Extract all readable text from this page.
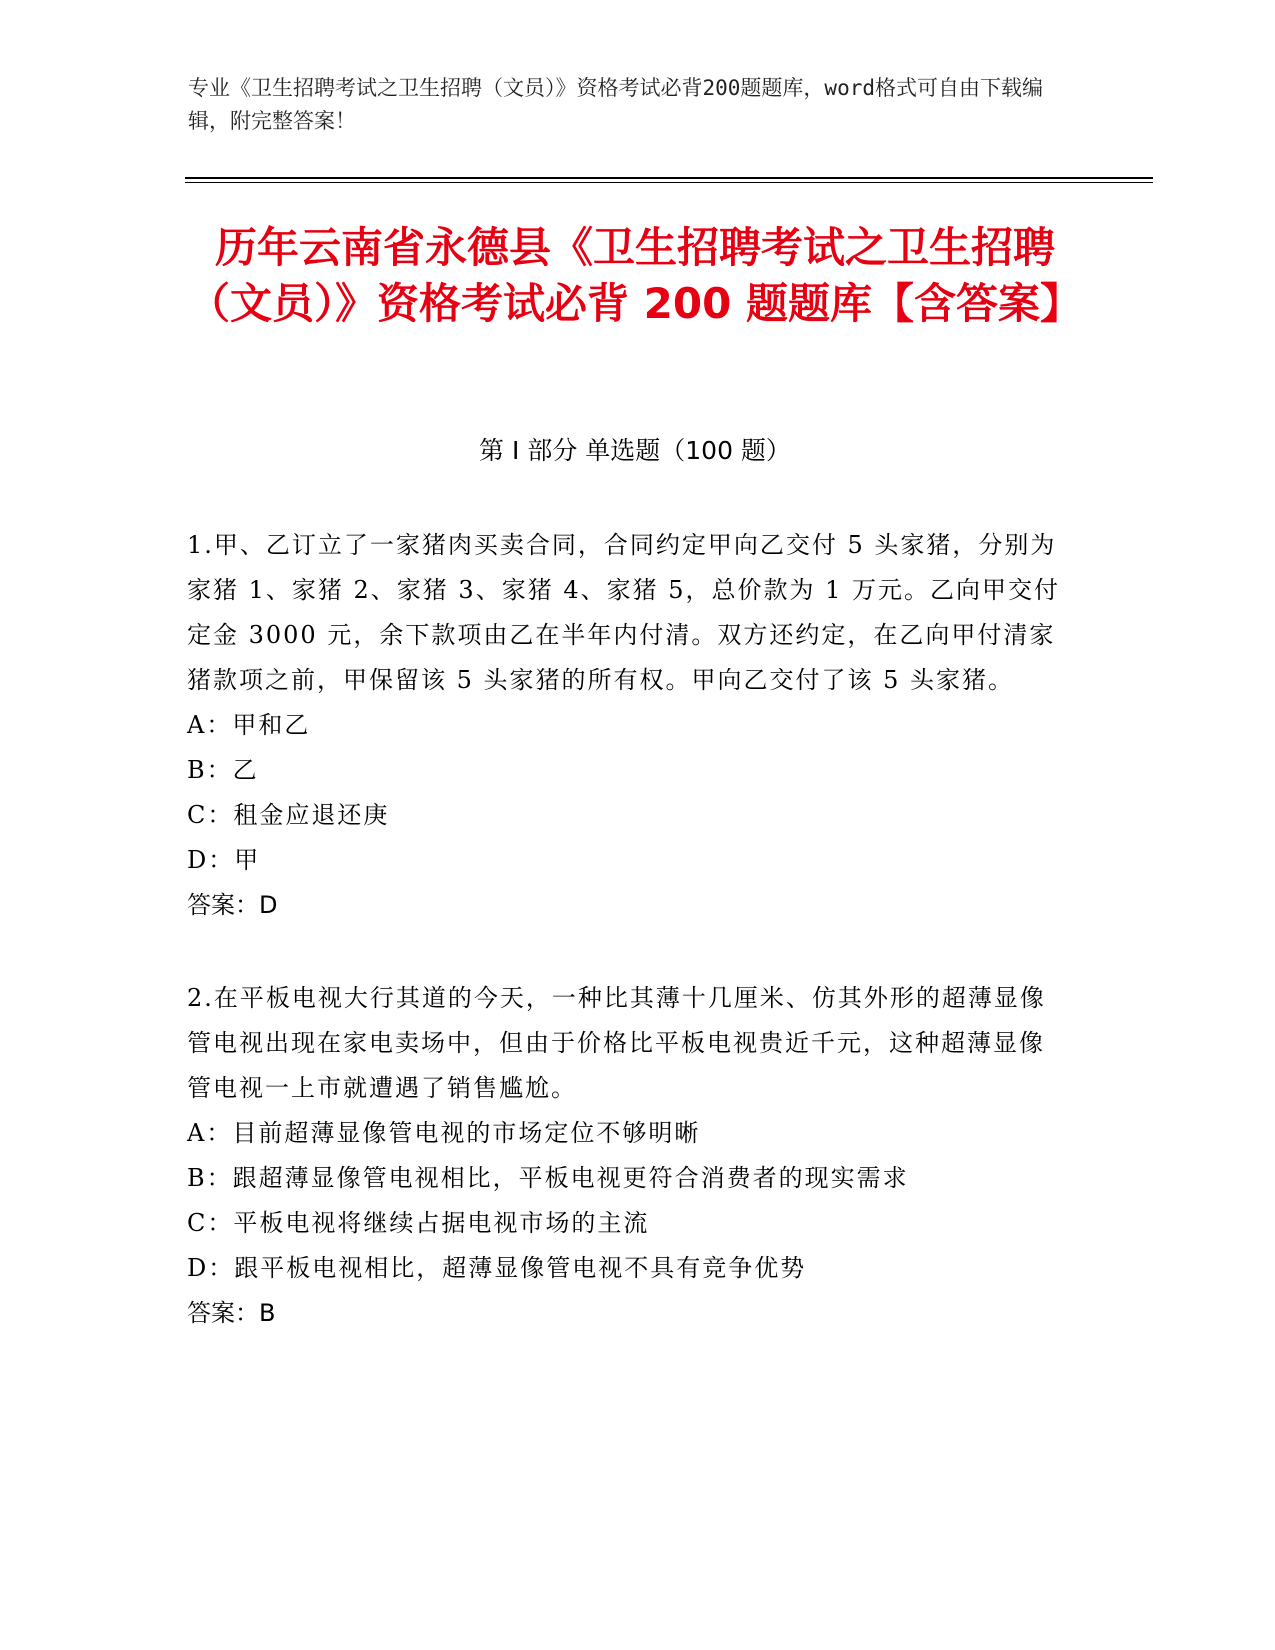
专业《卫生招聘考试之卫生招聘（文员）》资格考试必背200题题库，word格式可自由下载编辑，附完整答案！
历年云南省永德县《卫生招聘考试之卫生招聘（文员）》资格考试必背 200 题题库【含答案】
第 I 部分 单选题（100 题）

1.甲、乙订立了一家猪肉买卖合同，合同约定甲向乙交付 5 头家猪，分别为家猪 1、家猪 2、家猪 3、家猪 4、家猪 5，总价款为 1 万元。乙向甲交付定金 3000 元，余下款项由乙在半年内付清。双方还约定，在乙向甲付清家猪款项之前，甲保留该 5 头家猪的所有权。甲向乙交付了该 5 头家猪。

A：甲和乙

B：乙

C：租金应退还庚

D：甲

答案：D

2.在平板电视大行其道的今天，一种比其薄十几厘米、仿其外形的超薄显像管电视出现在家电卖场中，但由于价格比平板电视贵近千元，这种超薄显像管电视一上市就遭遇了销售尴尬。

A：目前超薄显像管电视的市场定位不够明晰

B：跟超薄显像管电视相比，平板电视更符合消费者的现实需求

C：平板电视将继续占据电视市场的主流

D：跟平板电视相比，超薄显像管电视不具有竞争优势

答案：B
